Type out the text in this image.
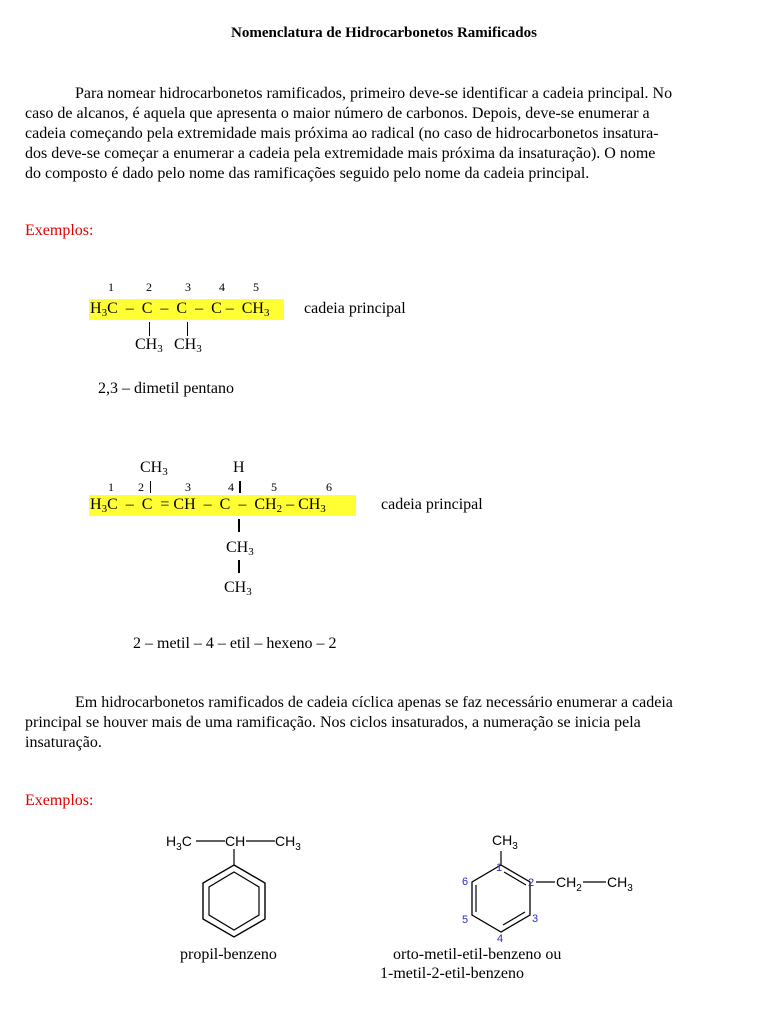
Nomenclatura de Hidrocarbonetos Ramificados

Para nomear hidrocarbonetos ramificados, primeiro deve-se identificar a cadeia principal. No

caso de alcanos, é aquela que apresenta o maior número de carbonos. Depois, deve-se enumerar a

cadeia começando pela extremidade mais próxima ao radical (no caso de hidrocarbonetos insatura-

dos deve-se começar a enumerar a cadeia pela extremidade mais próxima da insaturação). O nome

do composto é dado pelo nome das ramificações seguido pelo nome da cadeia principal.

Exemplos:
1	2	3 4 5
$H_3C$  –  C  –  C  –  C –  $CH_3$ cadeia principal
$CH_3$ $CH_3$
2,3 – dimetil pentano
$CH_3$	H
1 2	3	4	5	6
$H_3C$  –  C  = CH  –  C  –  $CH_2 - CH_3$	cadeia principal
$CH_3$
$CH_3$
2 – metil – 4 – etil – hexeno – 2

Em hidrocarbonetos ramificados de cadeia cíclica apenas se faz necessário enumerar a cadeia

principal se houver mais de uma ramificação. Nos ciclos insaturados, a numeração se inicia pela

insaturação.

Exemplos:
$H_3C$ CH $CH_3$
propil-benzeno
$CH_3$
$CH_2$ $CH_3$
1
2
3
4
5
6
orto-metil-etil-benzeno ou
1-metil-2-etil-benzeno
